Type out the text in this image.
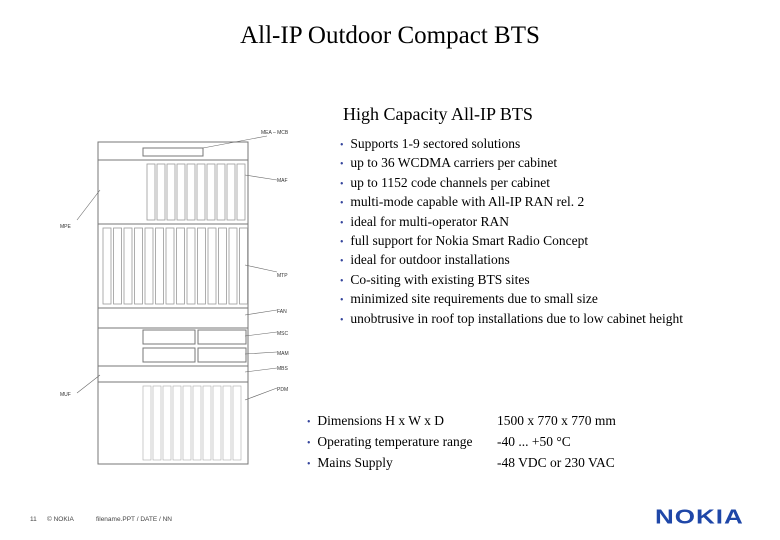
All-IP Outdoor Compact BTS
High Capacity All-IP BTS
• Supports 1-9 sectored solutions
• up to 36 WCDMA carriers per cabinet
• up to 1152 code channels per cabinet
• multi-mode capable with All-IP RAN rel. 2
• ideal for multi-operator RAN
• full support for Nokia Smart Radio Concept
• ideal for outdoor installations
• Co-siting with existing BTS sites
• minimized site requirements due to small size
• unobtrusive in roof top installations due to low cabinet height
• Dimensions H x W x D	1500 x 770 x 770 mm
• Operating temperature range -40 ... +50 °C
• Mains Supply	-48 VDC or 230 VAC
MEA – MCB
MAF
MPE
MTP
FAN
MSC
MAM
MBS
MUF
PDM
11 © NOKIA	filename.PPT / DATE / NN	NOKIA
